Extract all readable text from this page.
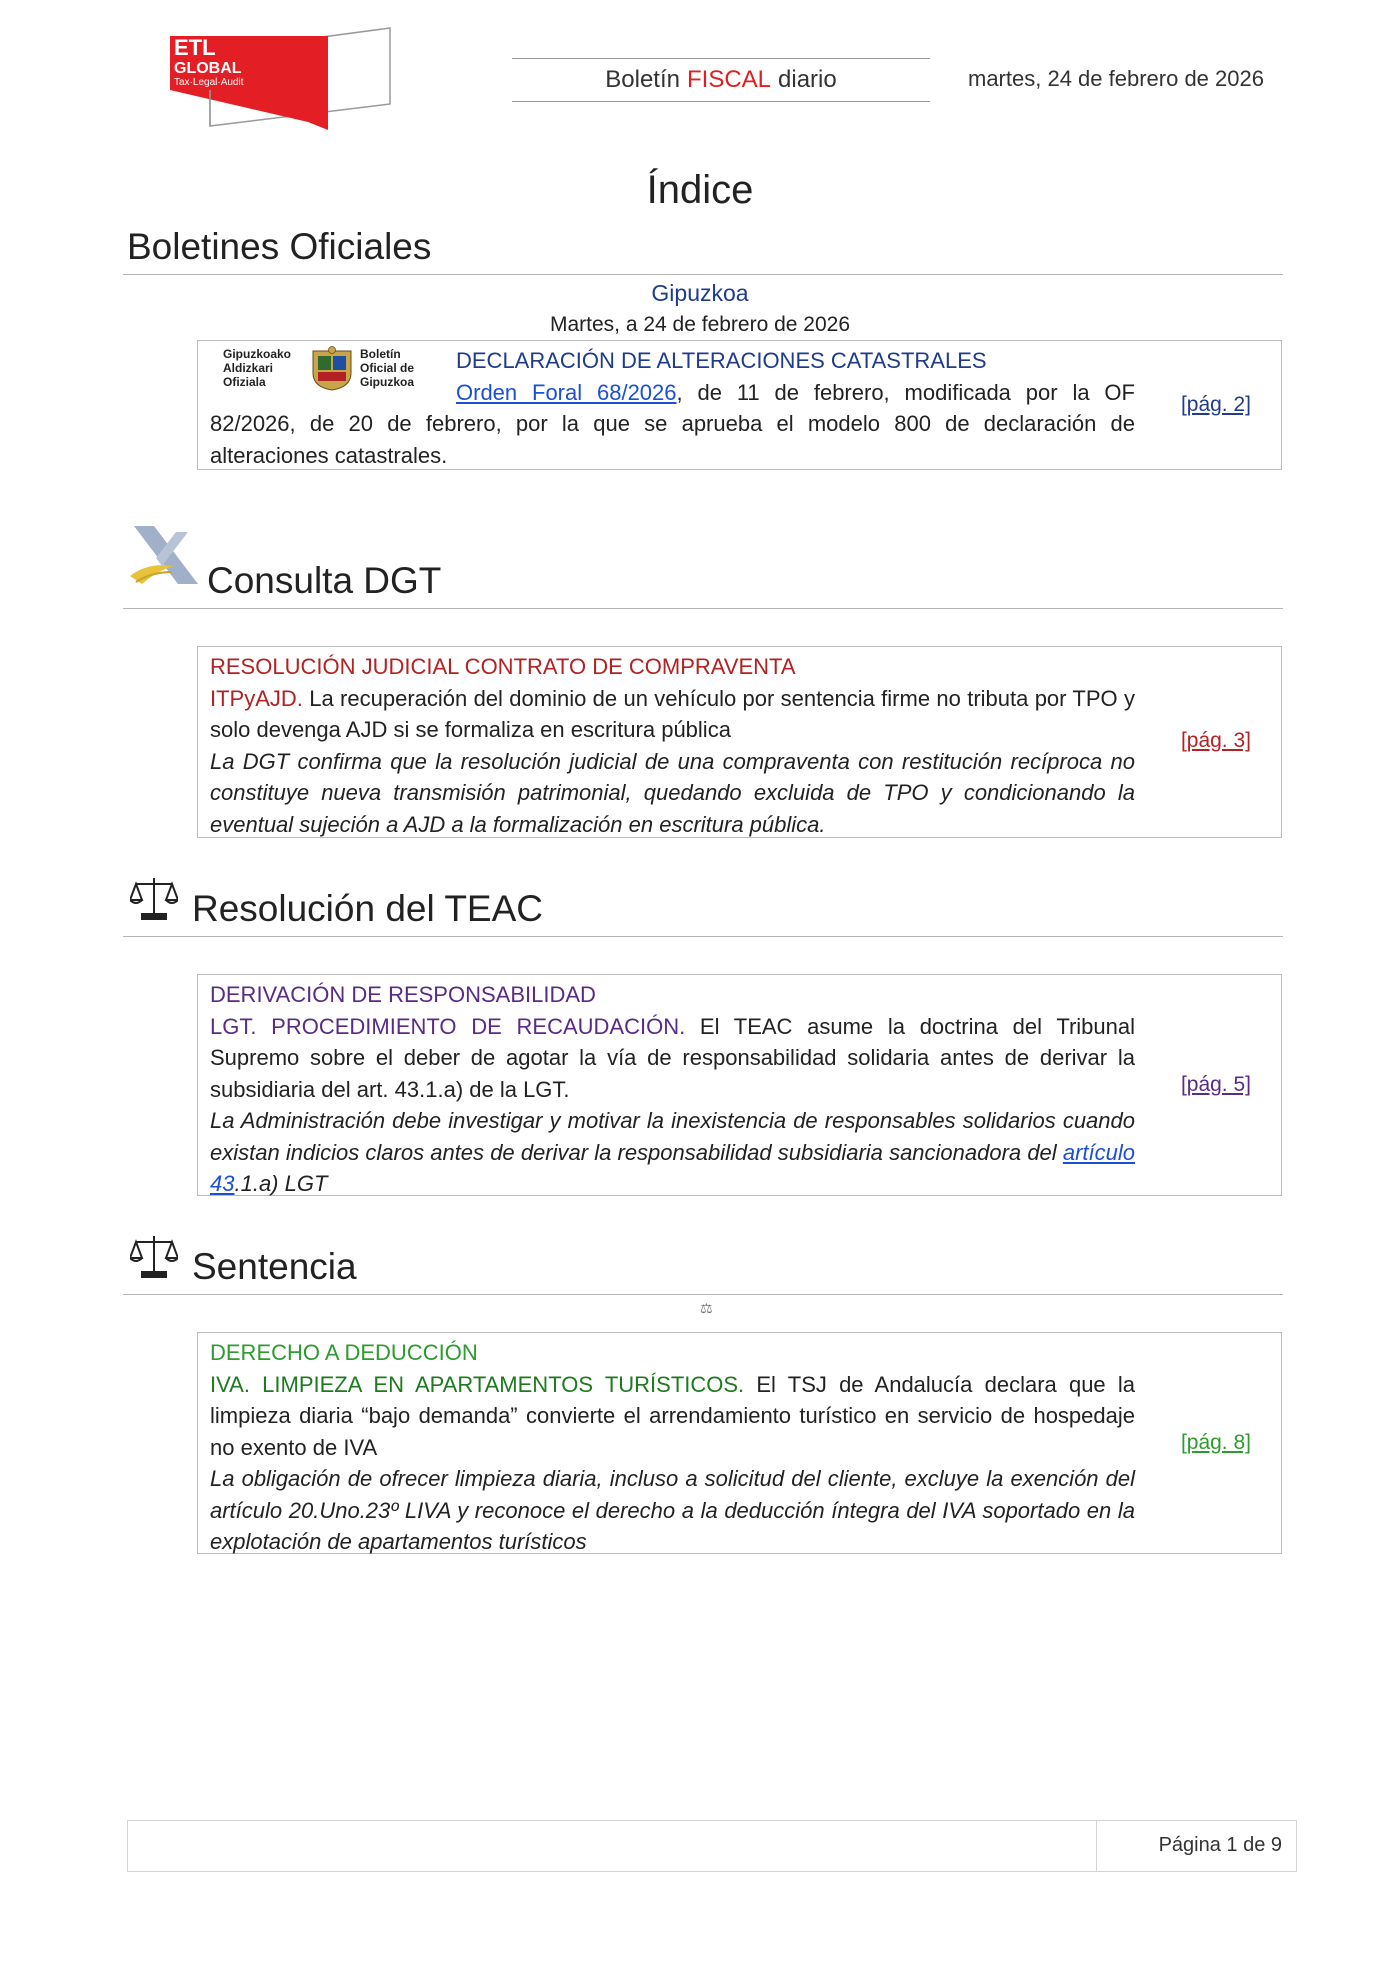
ETL
GLOBAL
Tax·Legal·Audit	Boletín FISCAL diario	martes, 24 de febrero de 2026
Índice
Boletines Oficiales
Gipuzkoa
Martes, a 24 de febrero de 2026
Gipuzkoako
Aldizkari
Ofiziala
Boletín
Oficial de
Gipuzkoa
DECLARACIÓN DE ALTERACIONES CATASTRALES
Orden Foral 68/2026, de 11 de febrero, modificada por la OF 82/2026, de 20 de febrero, por la que se aprueba el modelo 800 de declaración de alteraciones catastrales.
[pág. 2]
Consulta DGT
RESOLUCIÓN JUDICIAL CONTRATO DE COMPRAVENTA
ITPyAJD. La recuperación del dominio de un vehículo por sentencia firme no tributa por TPO y solo devenga AJD si se formaliza en escritura pública
La DGT confirma que la resolución judicial de una compraventa con restitución recíproca no constituye nueva transmisión patrimonial, quedando excluida de TPO y condicionando la eventual sujeción a AJD a la formalización en escritura pública.
[pág. 3]
Resolución del TEAC
DERIVACIÓN DE RESPONSABILIDAD
LGT. PROCEDIMIENTO DE RECAUDACIÓN. El TEAC asume la doctrina del Tribunal Supremo sobre el deber de agotar la vía de responsabilidad solidaria antes de derivar la subsidiaria del art. 43.1.a) de la LGT.
La Administración debe investigar y motivar la inexistencia de responsables solidarios cuando existan indicios claros antes de derivar la responsabilidad subsidiaria sancionadora del artículo 43.1.a) LGT
[pág. 5]
Sentencia
⚖
DERECHO A DEDUCCIÓN
IVA. LIMPIEZA EN APARTAMENTOS TURÍSTICOS. El TSJ de Andalucía declara que la limpieza diaria “bajo demanda” convierte el arrendamiento turístico en servicio de hospedaje no exento de IVA
La obligación de ofrecer limpieza diaria, incluso a solicitud del cliente, excluye la exención del artículo 20.Uno.23º LIVA y reconoce el derecho a la deducción íntegra del IVA soportado en la explotación de apartamentos turísticos
[pág. 8]
Página 1 de 9
